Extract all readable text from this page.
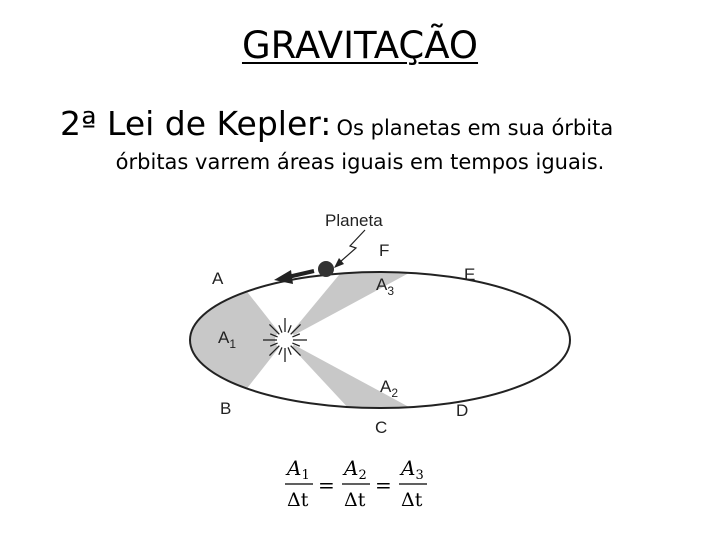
GRAVITAÇÃO
2ª Lei de Kepler: Os planetas em sua órbita
órbitas varrem áreas iguais em tempos iguais.
Planeta
A
B
C
D
E
F
$A_1$
$A_2$
$A_3$
$A_1$
Δt
=
$A_2$
Δt
=
$A_3$
Δt
